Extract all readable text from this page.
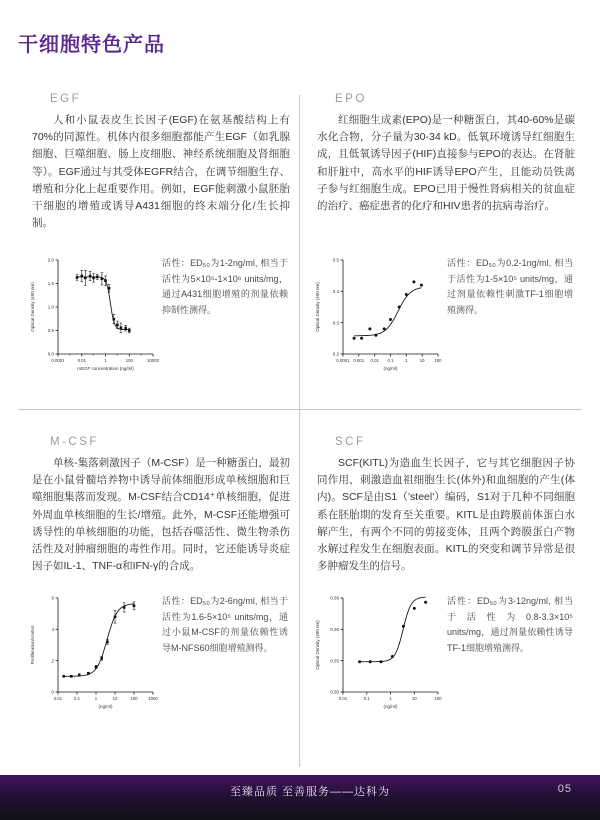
干细胞特色产品
EGF

人和小鼠表皮生长因子(EGF)在氨基酸结构上有70%的同源性。机体内很多细胞都能产生EGF（如乳腺细胞、巨噬细胞、肠上皮细胞、神经系统细胞及肾细胞等）。EGF通过与其受体EGFR结合，在调节细胞生存、增殖和分化上起重要作用。例如，EGF能刺激小鼠胚胎干细胞的增殖或诱导A431细胞的终末端分化/生长抑制。

EPO

红细胞生成素(EPO)是一种糖蛋白，其40-60%是碳水化合物，分子量为30-34 kD。低氧环境诱导红细胞生成，且低氧诱导因子(HIF)直接参与EPO的表达。在肾脏和肝脏中，高水平的HIF诱导EPO产生，且能动员铁离子参与红细胞生成。EPO已用于慢性肾病相关的贫血症的治疗、癌症患者的化疗和HIV患者的抗病毒治疗。

M-CSF

单核-集落刺激因子（M-CSF）是一种糖蛋白，最初是在小鼠骨髓培养物中诱导前体细胞形成单核细胞和巨噬细胞集落而发现。M-CSF结合CD14⁺单核细胞，促进外周血单核细胞的生长/增殖。此外，M-CSF还能增强可诱导性的单核细胞的功能，包括吞噬活性、微生物杀伤活性及对肿瘤细胞的毒性作用。同时，它还能诱导炎症因子如IL-1、TNF-α和IFN-γ的合成。

SCF

SCF(KITL)为造血生长因子，它与其它细胞因子协同作用，刺激造血祖细胞生长(体外)和血细胞的产生(体内)。SCF是由S1（'steel'）编码，S1对于几种不同细胞系在胚胎期的发育至关重要。KITL是由跨膜前体蛋白水解产生，有两个不同的剪接变体，且两个跨膜蛋白产物水解过程发生在细胞表面。KITL的突变和调节异常是很多肿瘤发生的信号。

0.0
0.5
1.0
1.5
2.0
0.0001	0.01	1	100	10000
mEGF concentration (ng/ml)
Optical Density (490 nm)

活性：ED₅₀为1-2ng/ml, 相当于活性为5×10⁵-1×10⁶ units/mg，通过A431细胞增殖的剂量依赖抑制性测得。

0.2
0.3
0.4
0.5
0.0001 0.001 0.01 0.1	1	10 100
(ng/ml)
Optical Density (490 nm)

活性：ED₅₀为0.2-1ng/ml, 相当于活性为1-5×10⁵ units/mg，通过剂量依赖性刺激TF-1细胞增殖测得。

0
2
4
6
0.01	0.1	1	10	100 1000
(ng/ml)
Proliferation/control

活性：ED₅₀为2-6ng/ml, 相当于活性为1.6-5×10⁵ units/mg，通过小鼠M-CSF的剂量依赖性诱导M-NFS60细胞增殖测得。

0.30
0.33
0.36
0.39
0.01	0.1	1	10	100
(ng/ml)
Optical Density (490 nm)

活性：ED₅₀为3-12ng/ml, 相当于活性为0.8-3.3×10⁵ units/mg，通过剂量依赖性诱导TF-1细胞增殖测得。

至臻品质 至善服务——达科为	05
